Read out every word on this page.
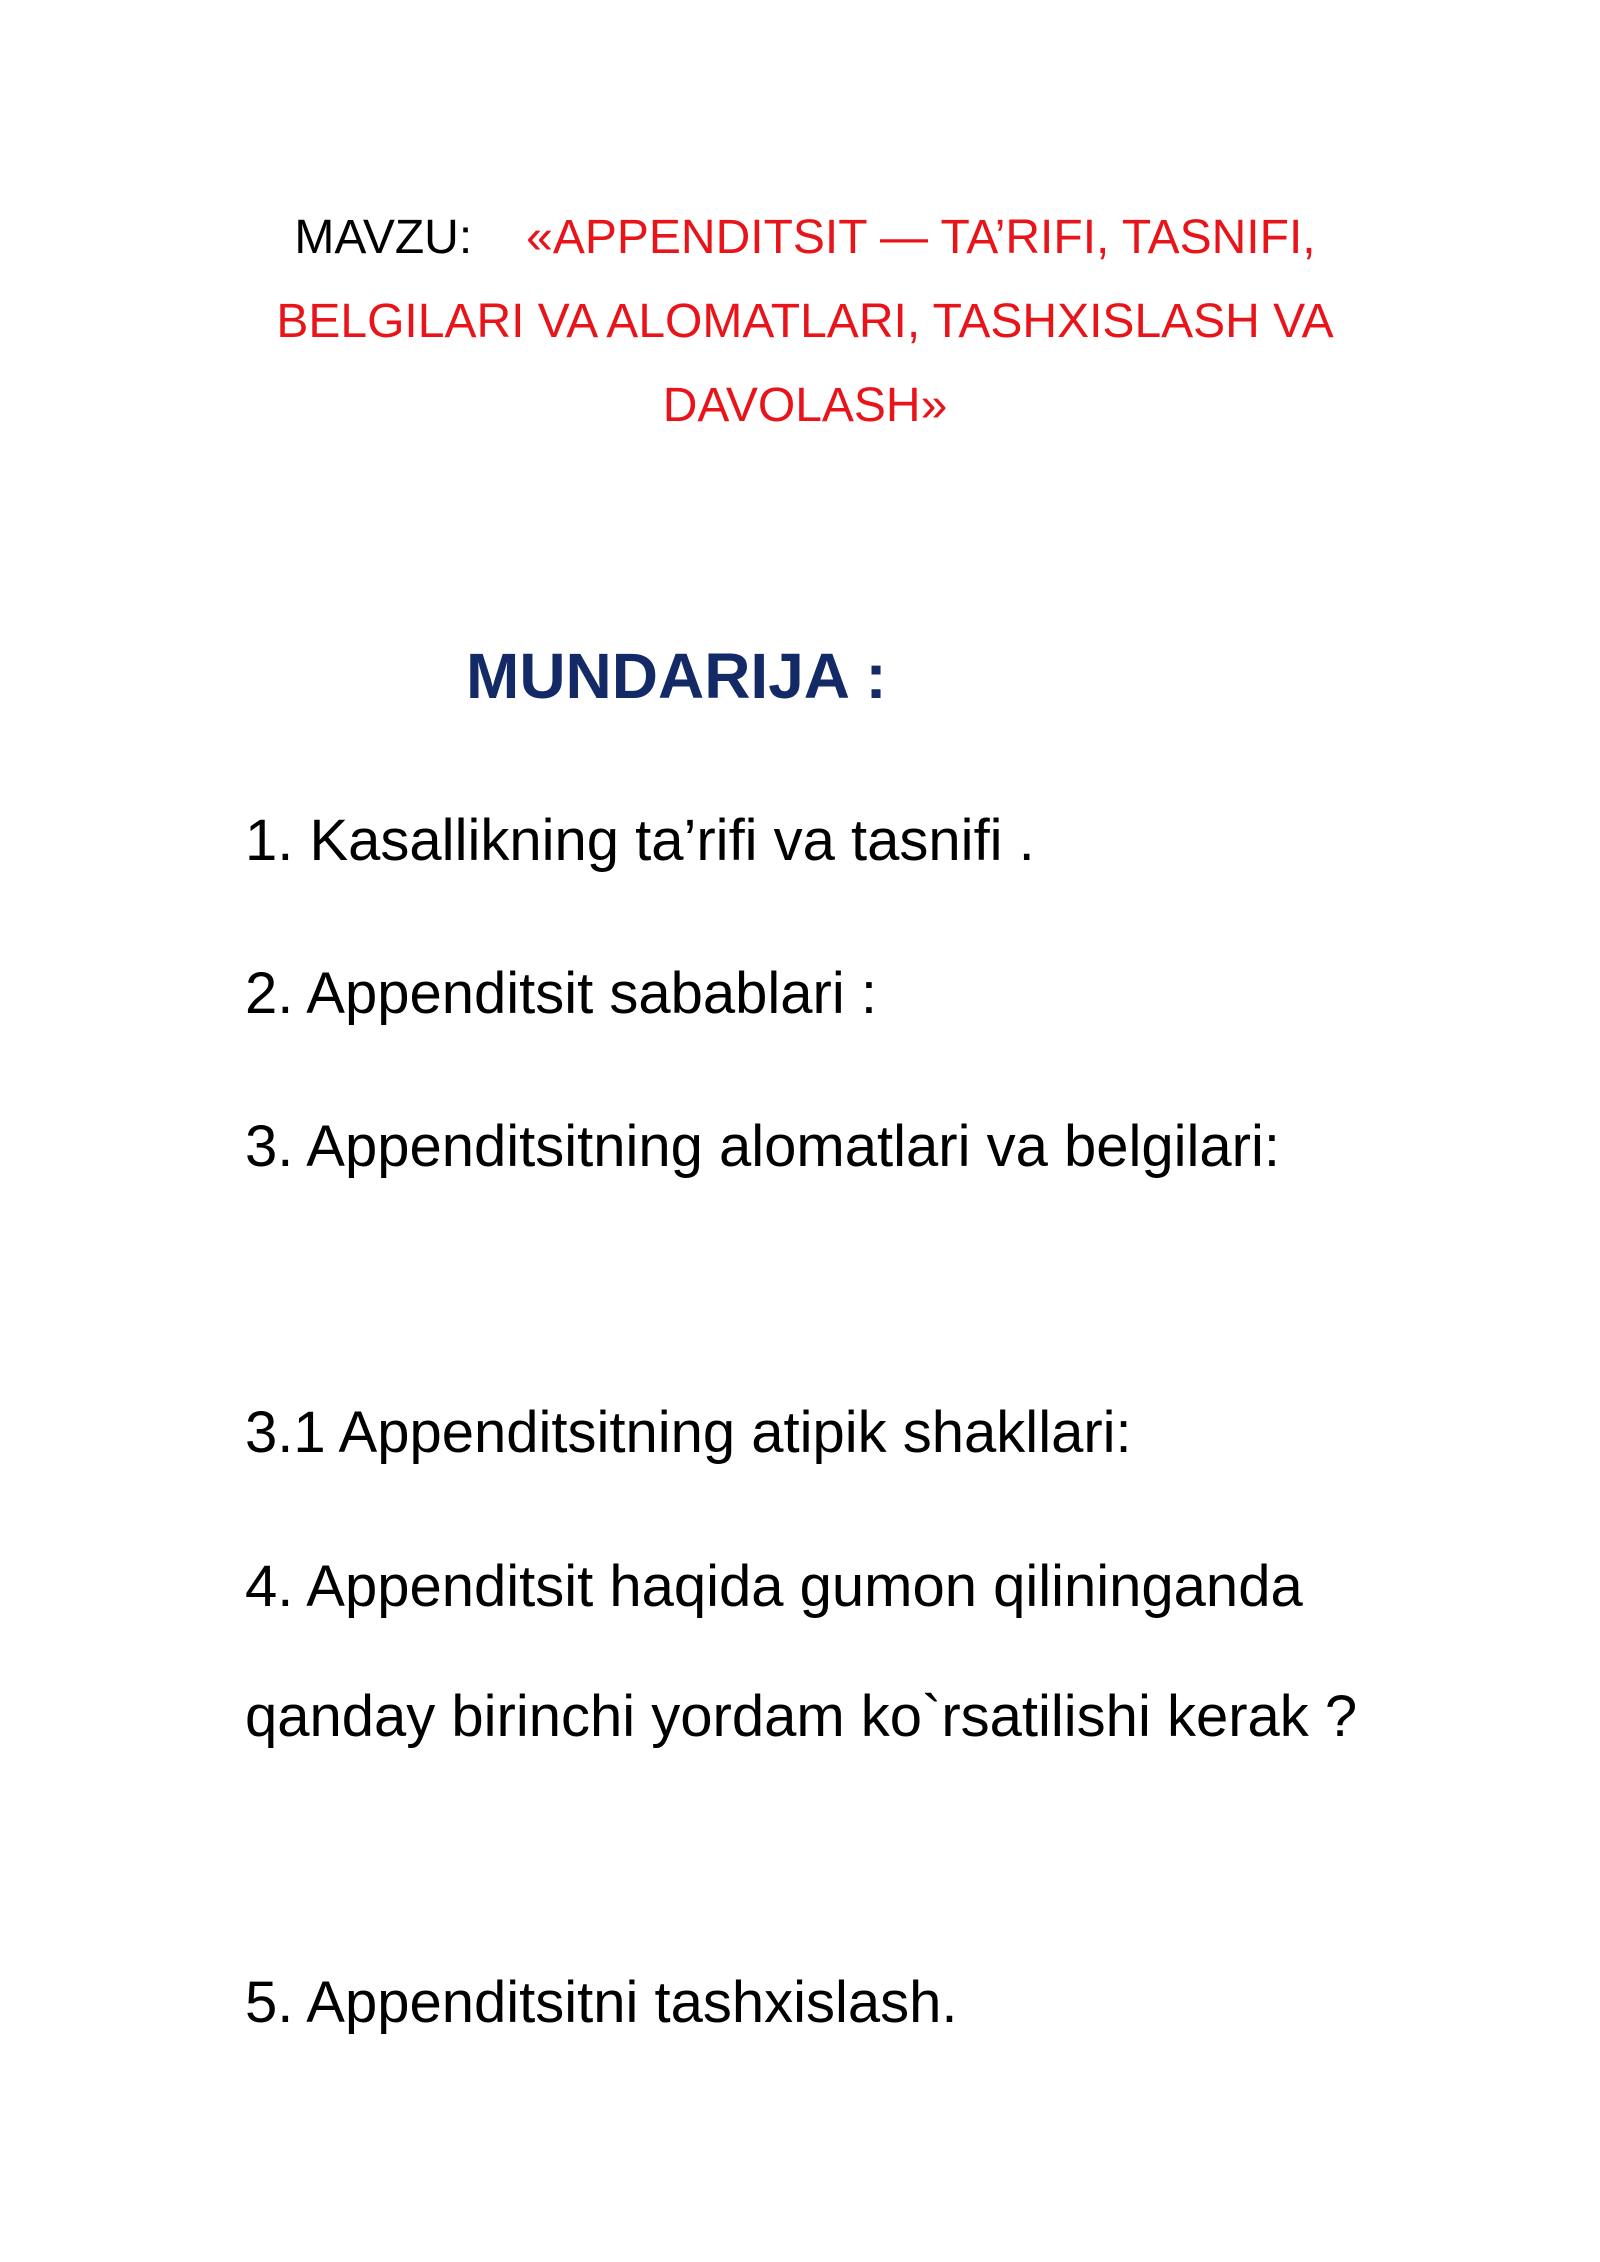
MAVZU: «APPENDITSIT — TA’RIFI, TASNIFI, BELGILARI VA ALOMATLARI, TASHXISLASH VA DAVOLASH»
MUNDARIJA :
1. Kasallikning ta’rifi va tasnifi .
2. Appenditsit sabablari :
3. Appenditsitning alomatlari va belgilari:
3.1 Appenditsitning atipik shakllari:
4. Appenditsit haqida gumon qilininganda qanday birinchi yordam ko`rsatilishi kerak ?
5. Appenditsitni tashxislash.
